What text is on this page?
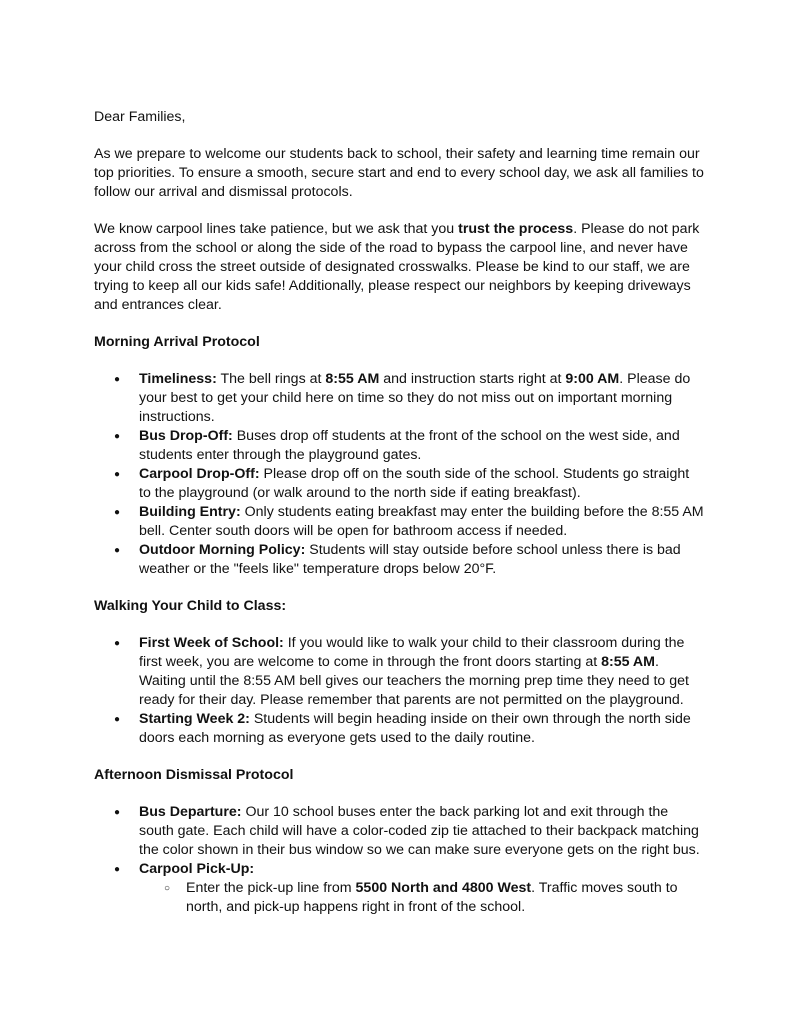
Dear Families,

As we prepare to welcome our students back to school, their safety and learning time remain our top priorities. To ensure a smooth, secure start and end to every school day, we ask all families to follow our arrival and dismissal protocols.

We know carpool lines take patience, but we ask that you trust the process. Please do not park across from the school or along the side of the road to bypass the carpool line, and never have your child cross the street outside of designated crosswalks. Please be kind to our staff, we are trying to keep all our kids safe! Additionally, please respect our neighbors by keeping driveways and entrances clear.

Morning Arrival Protocol

● Timeliness: The bell rings at 8:55 AM and instruction starts right at 9:00 AM. Please do your best to get your child here on time so they do not miss out on important morning instructions.
● Bus Drop-Off: Buses drop off students at the front of the school on the west side, and students enter through the playground gates.
● Carpool Drop-Off: Please drop off on the south side of the school. Students go straight to the playground (or walk around to the north side if eating breakfast).
● Building Entry: Only students eating breakfast may enter the building before the 8:55 AM bell. Center south doors will be open for bathroom access if needed.
● Outdoor Morning Policy: Students will stay outside before school unless there is bad weather or the "feels like" temperature drops below 20°F.

Walking Your Child to Class:

● First Week of School: If you would like to walk your child to their classroom during the first week, you are welcome to come in through the front doors starting at 8:55 AM. Waiting until the 8:55 AM bell gives our teachers the morning prep time they need to get ready for their day. Please remember that parents are not permitted on the playground.
● Starting Week 2: Students will begin heading inside on their own through the north side doors each morning as everyone gets used to the daily routine.

Afternoon Dismissal Protocol

● Bus Departure: Our 10 school buses enter the back parking lot and exit through the south gate. Each child will have a color-coded zip tie attached to their backpack matching the color shown in their bus window so we can make sure everyone gets on the right bus.
● Carpool Pick-Up:
○ Enter the pick-up line from 5500 North and 4800 West. Traffic moves south to north, and pick-up happens right in front of the school.
